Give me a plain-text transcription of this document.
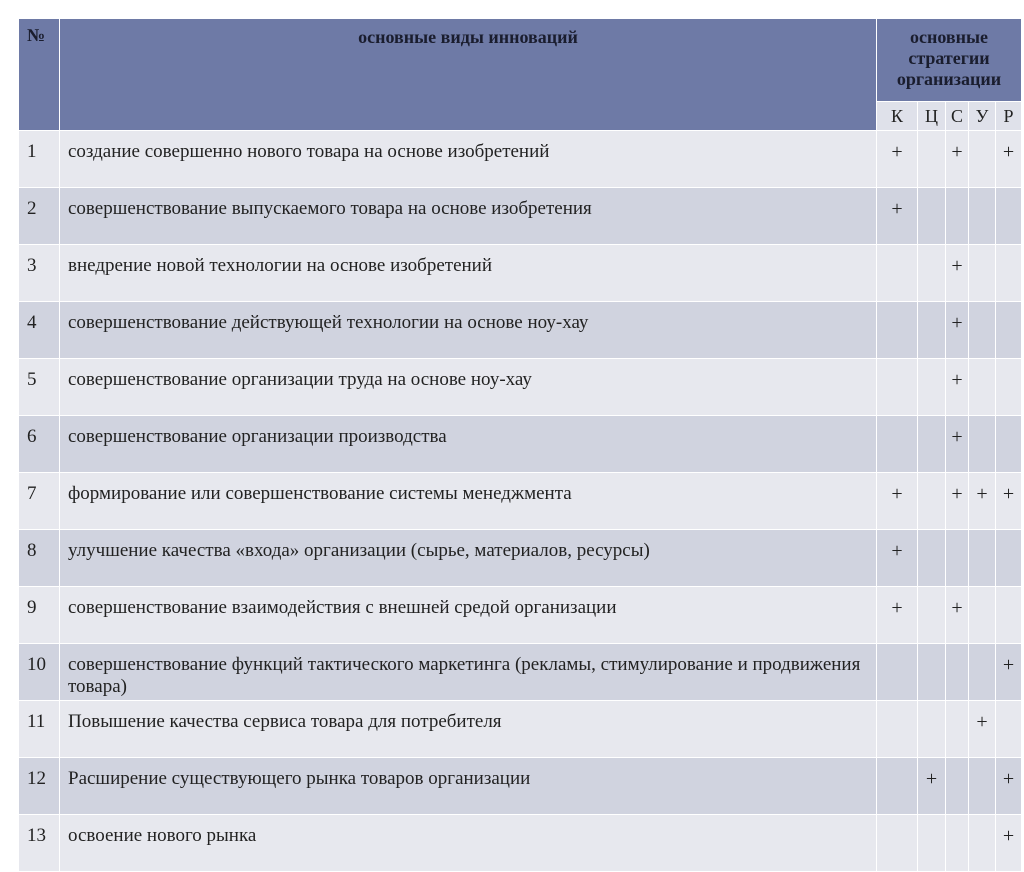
№	основные виды инноваций	основные стратегии организации				
		К	Ц	С	У	Р
1	создание совершенно нового товара на основе изобретений	+		+		+
2	совершенствование выпускаемого товара на основе изобретения	+				
3	внедрение новой технологии на основе изобретений			+		
4	совершенствование действующей технологии на основе ноу-хау			+		
5	совершенствование организации труда на основе ноу-хау			+		
6	совершенствование организации производства			+		
7	формирование или совершенствование системы менеджмента	+		+	+	+
8	улучшение качества «входа» организации (сырье, материалов, ресурсы)	+				
9	совершенствование взаимодействия с внешней средой организации	+		+		
10	совершенствование функций тактического маркетинга (рекламы, стимулирование и продвижения товара)					+
11	Повышение качества сервиса товара для потребителя				+	
12	Расширение существующего рынка товаров организации		+			+
13	освоение нового рынка					+
